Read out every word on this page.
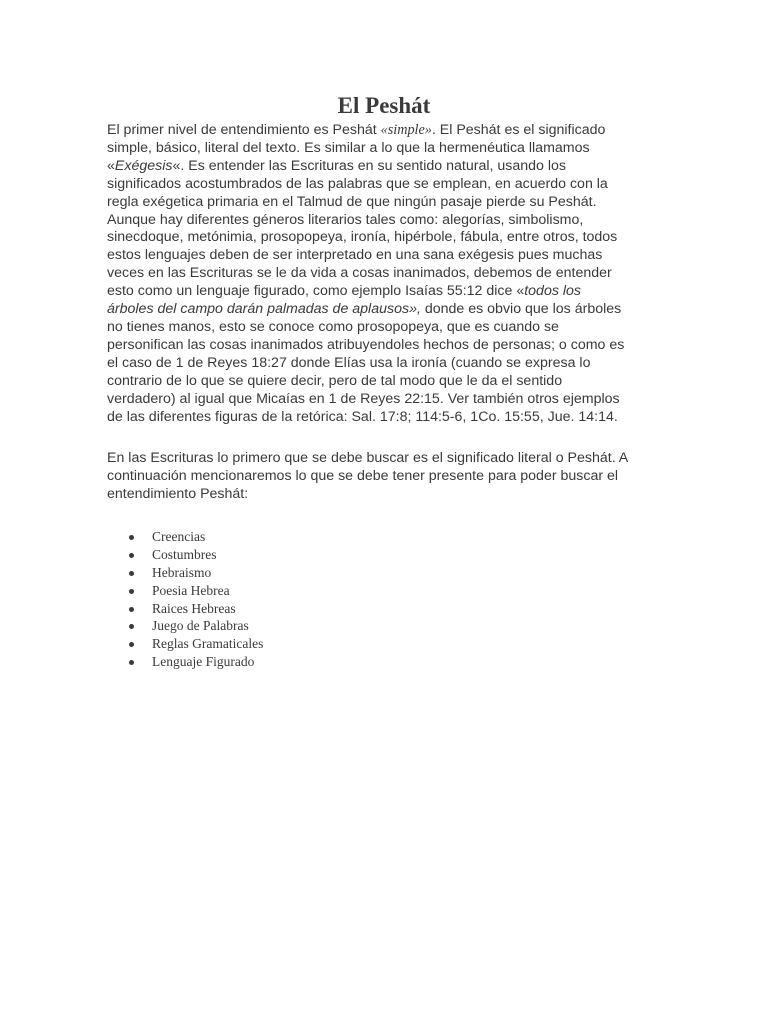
El Peshát

El primer nivel de entendimiento es Peshát «simple». El Peshát es el significado
simple, básico, literal del texto. Es similar a lo que la hermenéutica llamamos
«Exégesis«. Es entender las Escrituras en su sentido natural, usando los
significados acostumbrados de las palabras que se emplean, en acuerdo con la
regla exégetica primaria en el Talmud de que ningún pasaje pierde su Peshát.
Aunque hay diferentes géneros literarios tales como: alegorías, simbolismo,
sinecdoque, metónimia, prosopopeya, ironía, hipérbole, fábula, entre otros, todos
estos lenguajes deben de ser interpretado en una sana exégesis pues muchas
veces en las Escrituras se le da vida a cosas inanimados, debemos de entender
esto como un lenguaje figurado, como ejemplo Isaías 55:12 dice «todos los
árboles del campo darán palmadas de aplausos», donde es obvio que los árboles
no tienes manos, esto se conoce como prosopopeya, que es cuando se
personifican las cosas inanimados atribuyendoles hechos de personas; o como es
el caso de 1 de Reyes 18:27 donde Elías usa la ironía (cuando se expresa lo
contrario de lo que se quiere decir, pero de tal modo que le da el sentido
verdadero) al igual que Micaías en 1 de Reyes 22:15. Ver también otros ejemplos
de las diferentes figuras de la retórica: Sal. 17:8; 114:5-6, 1Co. 15:55, Jue. 14:14.

En las Escrituras lo primero que se debe buscar es el significado literal o Peshát. A
continuación mencionaremos lo que se debe tener presente para poder buscar el
entendimiento Peshát:

Creencias
Costumbres
Hebraismo
Poesia Hebrea
Raices Hebreas
Juego de Palabras
Reglas Gramaticales
Lenguaje Figurado
